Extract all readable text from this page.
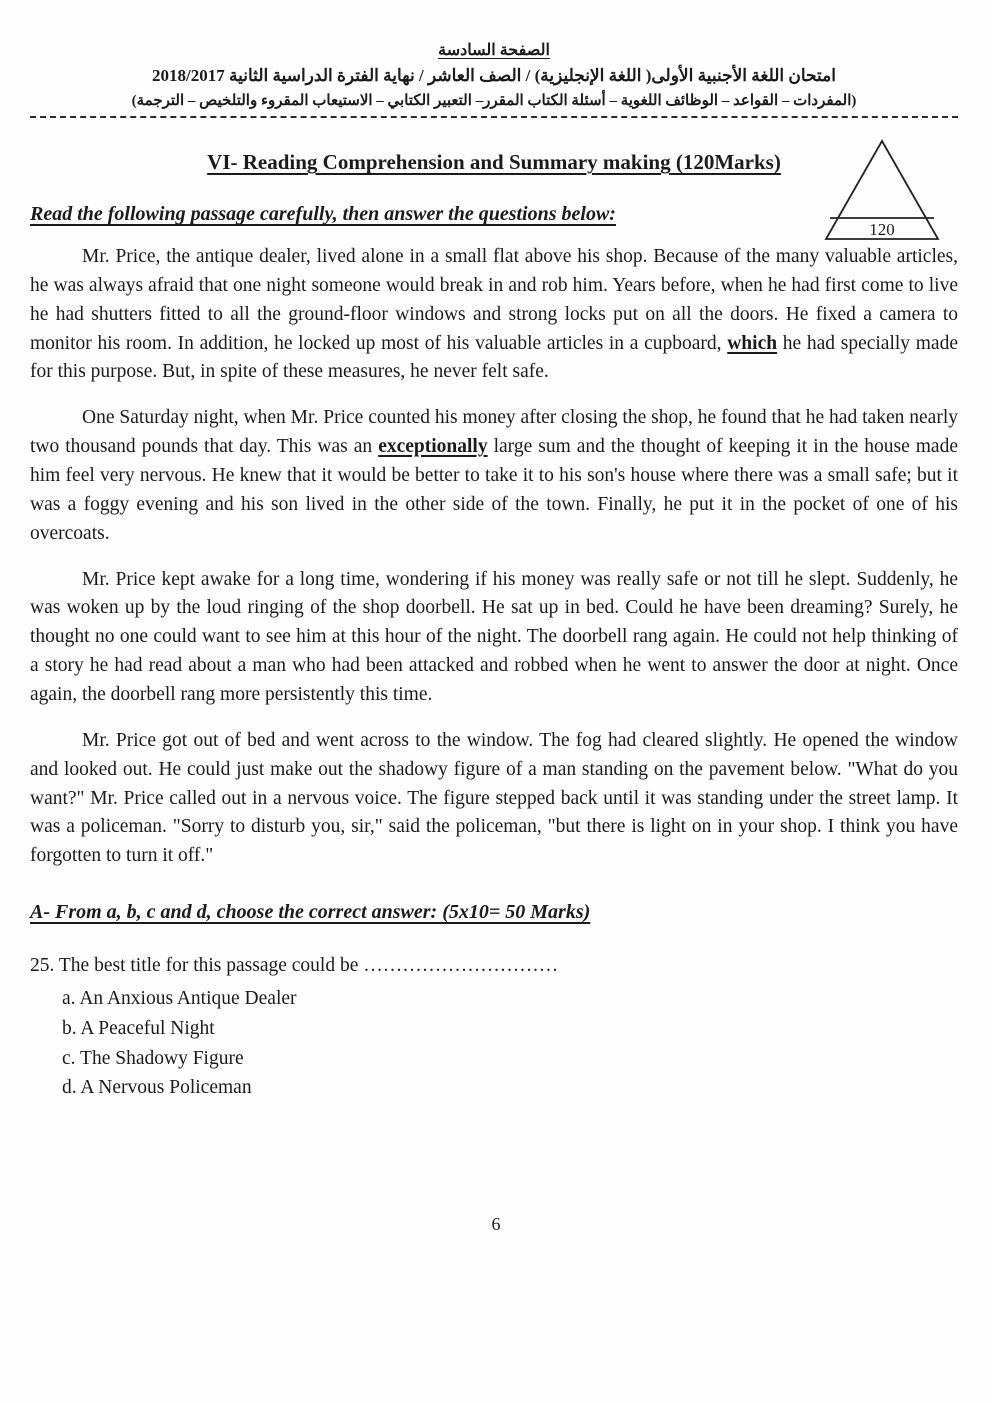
الصفحة السادسة
امتحان اللغة الأجنبية الأولى( اللغة الإنجليزية) / الصف العاشر / نهاية الفترة الدراسية الثانية 2018/2017
(المفردات – القواعد – الوظائف اللغوية – أسئلة الكتاب المقرر– التعبير الكتابي – الاستيعاب المقروء والتلخيص – الترجمة)
120
VI- Reading Comprehension and Summary making (120Marks)
Read the following passage carefully, then answer the questions below:

Mr. Price, the antique dealer, lived alone in a small flat above his shop. Because of the many valuable articles, he was always afraid that one night someone would break in and rob him. Years before, when he had first come to live he had shutters fitted to all the ground-floor windows and strong locks put on all the doors. He fixed a camera to monitor his room. In addition, he locked up most of his valuable articles in a cupboard, which he had specially made for this purpose. But, in spite of these measures, he never felt safe.

One Saturday night, when Mr. Price counted his money after closing the shop, he found that he had taken nearly two thousand pounds that day. This was an exceptionally large sum and the thought of keeping it in the house made him feel very nervous. He knew that it would be better to take it to his son's house where there was a small safe; but it was a foggy evening and his son lived in the other side of the town. Finally, he put it in the pocket of one of his overcoats.

Mr. Price kept awake for a long time, wondering if his money was really safe or not till he slept. Suddenly, he was woken up by the loud ringing of the shop doorbell. He sat up in bed. Could he have been dreaming? Surely, he thought no one could want to see him at this hour of the night. The doorbell rang again. He could not help thinking of a story he had read about a man who had been attacked and robbed when he went to answer the door at night. Once again, the doorbell rang more persistently this time.

Mr. Price got out of bed and went across to the window. The fog had cleared slightly. He opened the window and looked out. He could just make out the shadowy figure of a man standing on the pavement below. "What do you want?" Mr. Price called out in a nervous voice. The figure stepped back until it was standing under the street lamp. It was a policeman. "Sorry to disturb you, sir," said the policeman, "but there is light on in your shop. I think you have forgotten to turn it off."

A- From a, b, c and d, choose the correct answer: (5x10= 50 Marks)
25. The best title for this passage could be …………………………
a. An Anxious Antique Dealer
b. A Peaceful Night
c. The Shadowy Figure
d. A Nervous Policeman
6
